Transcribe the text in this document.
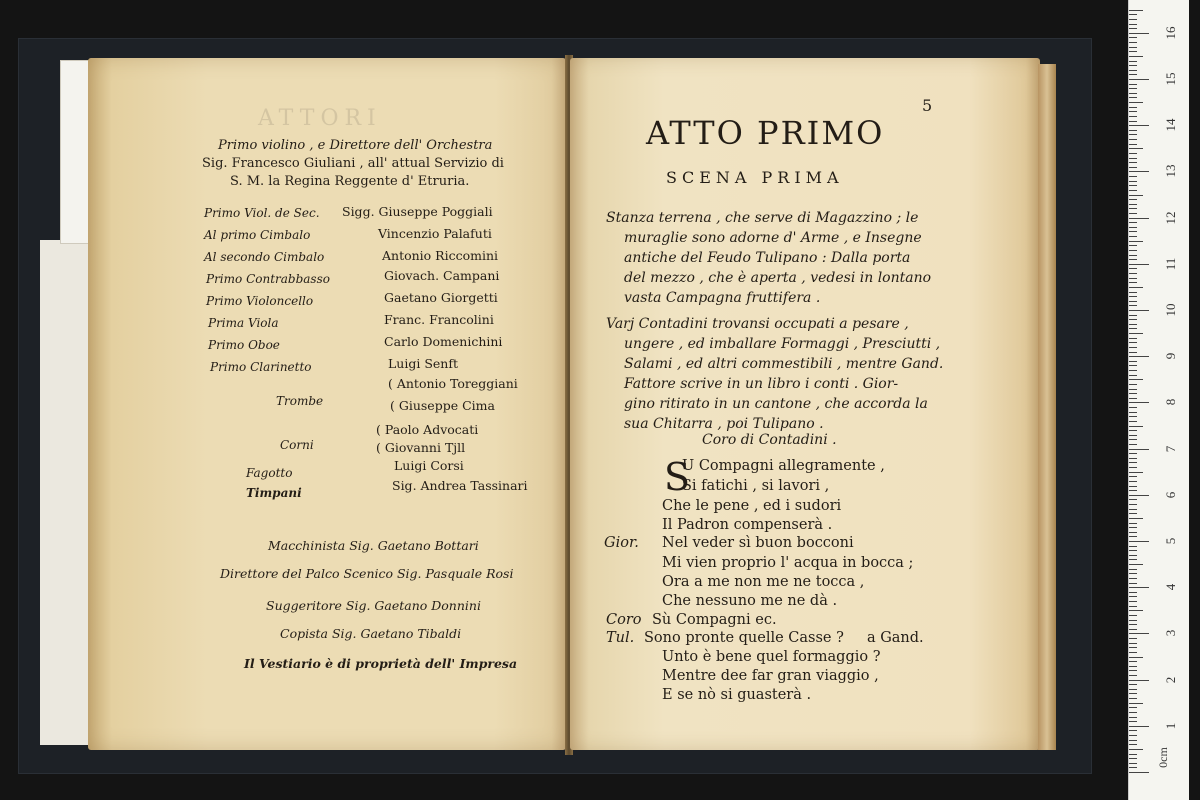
ATTORI
Primo violino , e Direttore dell' Orchestra
Sig. Francesco Giuliani , all' attual Servizio di
S. M. la Regina Reggente d' Etruria.
Primo Viol. de Sec. Sigg. Giuseppe Poggiali
Al primo Cimbalo	Vincenzio Palafuti
Al secondo Cimbalo	Antonio Riccomini
Primo Contrabbasso	Giovach. Campani
Primo Violoncello	Gaetano Giorgetti
Prima Viola	Franc. Francolini
Primo Oboe	Carlo Domenichini
Primo Clarinetto	Luigi Senft
Trombe
( Antonio Toreggiani
( Giuseppe Cima
Corni
( Paolo Advocati
( Giovanni Tjll
Fagotto	Luigi Corsi
Timpani	Sig. Andrea Tassinari
Macchinista Sig. Gaetano Bottari
Direttore del Palco Scenico Sig. Pasquale Rosi
Suggeritore Sig. Gaetano Donnini
Copista Sig. Gaetano Tibaldi
Il Vestiario è di proprietà dell' Impresa
5
ATTO PRIMO
SCENA PRIMA
Stanza terrena , che serve di Magazzino ; le
muraglie sono adorne d' Arme , e Insegne
antiche del Feudo Tulipano : Dalla porta
del mezzo , che è aperta , vedesi in lontano
vasta Campagna fruttifera .
Varj Contadini trovansi occupati a pesare ,
ungere , ed imballare Formaggi , Presciutti ,
Salami , ed altri commestibili , mentre Gand.
Fattore scrive in un libro i conti . Gior-
gino ritirato in un cantone , che accorda la
sua Chitarra , poi Tulipano .
Coro di Contadini .
U Compagni allegramente ,
Si fatichi , si lavori ,
Che le pene , ed i sudori
Il Padron compenserà .
Gior. Nel veder sì buon bocconi
Mi vien proprio l' acqua in bocca ;
Ora a me non me ne tocca ,
Che nessuno me ne dà .
Coro Sù Compagni ec.
Tul. Sono pronte quelle Casse ?     a Gand.
Unto è bene quel formaggio ?
Mentre dee far gran viaggio ,
E se nò si guasterà .
S
0cm
1
2
3
4
5
6
7
8
9
10
11
12
13
14
15
16
